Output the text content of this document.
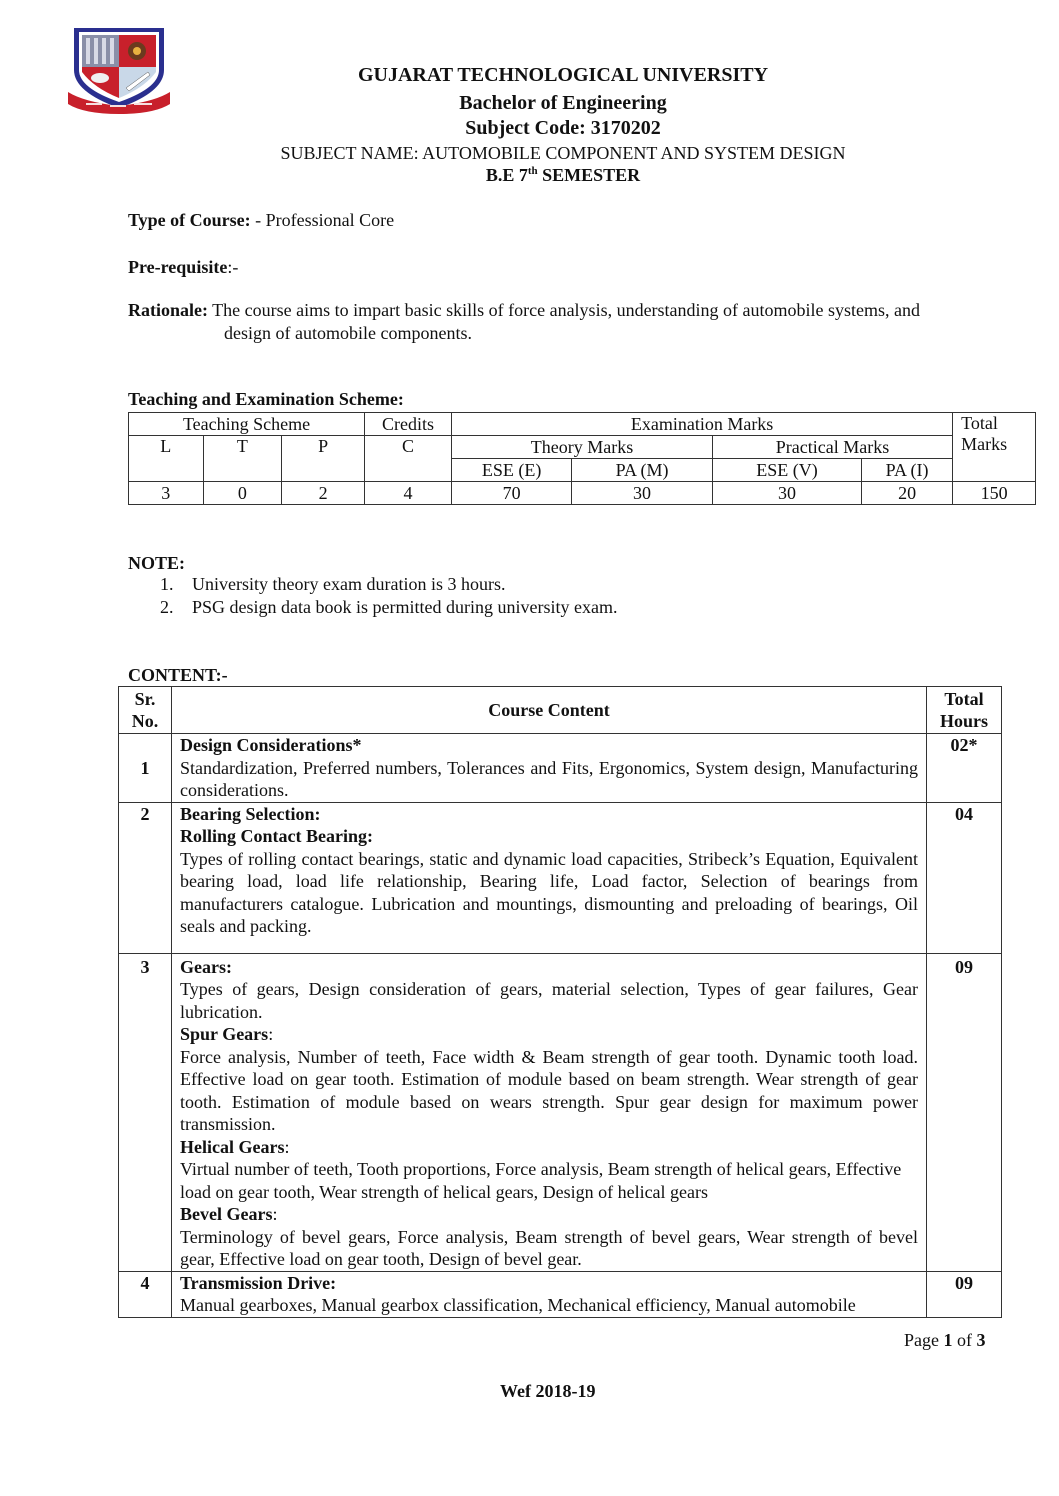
GUJARAT TECHNOLOGICAL UNIVERSITY
Bachelor of Engineering
Subject Code: 3170202
SUBJECT NAME: AUTOMOBILE COMPONENT AND SYSTEM DESIGN
B.E 7th SEMESTER
Type of Course: - Professional Core
Pre-requisite:-
Rationale: The course aims to impart basic skills of force analysis, understanding of automobile systems, and
design of automobile components.
Teaching and Examination Scheme:
Teaching Scheme			Credits	Examination Marks				Total Marks
L	T	P	C	Theory Marks		Practical Marks		
				ESE (E)	PA (M)	ESE (V)	PA (I)	
3	0	2	4	70	30	30	20	150
NOTE:
1. University theory exam duration is 3 hours.
2. PSG design data book is permitted during university exam.
CONTENT:-
Sr. No.	Course Content	Total Hours
1	Design Considerations*
Standardization, Preferred numbers, Tolerances and Fits, Ergonomics, System design, Manufacturing considerations.	02*
2	Bearing Selection:
Rolling Contact Bearing:
Types of rolling contact bearings, static and dynamic load capacities, Stribeck’s Equation, Equivalent bearing load, load life relationship, Bearing life, Load factor, Selection of bearings from manufacturers catalogue. Lubrication and mountings, dismounting and preloading of bearings, Oil seals and packing.	04
3	Gears:
Types of gears, Design consideration of gears, material selection, Types of gear failures, Gear lubrication.
Spur Gears:
Force analysis, Number of teeth, Face width & Beam strength of gear tooth. Dynamic tooth load. Effective load on gear tooth. Estimation of module based on beam strength. Wear strength of gear tooth. Estimation of module based on wears strength. Spur gear design for maximum power transmission.
Helical Gears:
Virtual number of teeth, Tooth proportions, Force analysis, Beam strength of helical gears, Effective load on gear tooth, Wear strength of helical gears, Design of helical gears
Bevel Gears:
Terminology of bevel gears, Force analysis, Beam strength of bevel gears, Wear strength of bevel gear, Effective load on gear tooth, Design of bevel gear.
	09
4	Transmission Drive:
Manual gearboxes, Manual gearbox classification, Mechanical efficiency, Manual automobile	09
Page 1 of 3
Wef 2018-19
